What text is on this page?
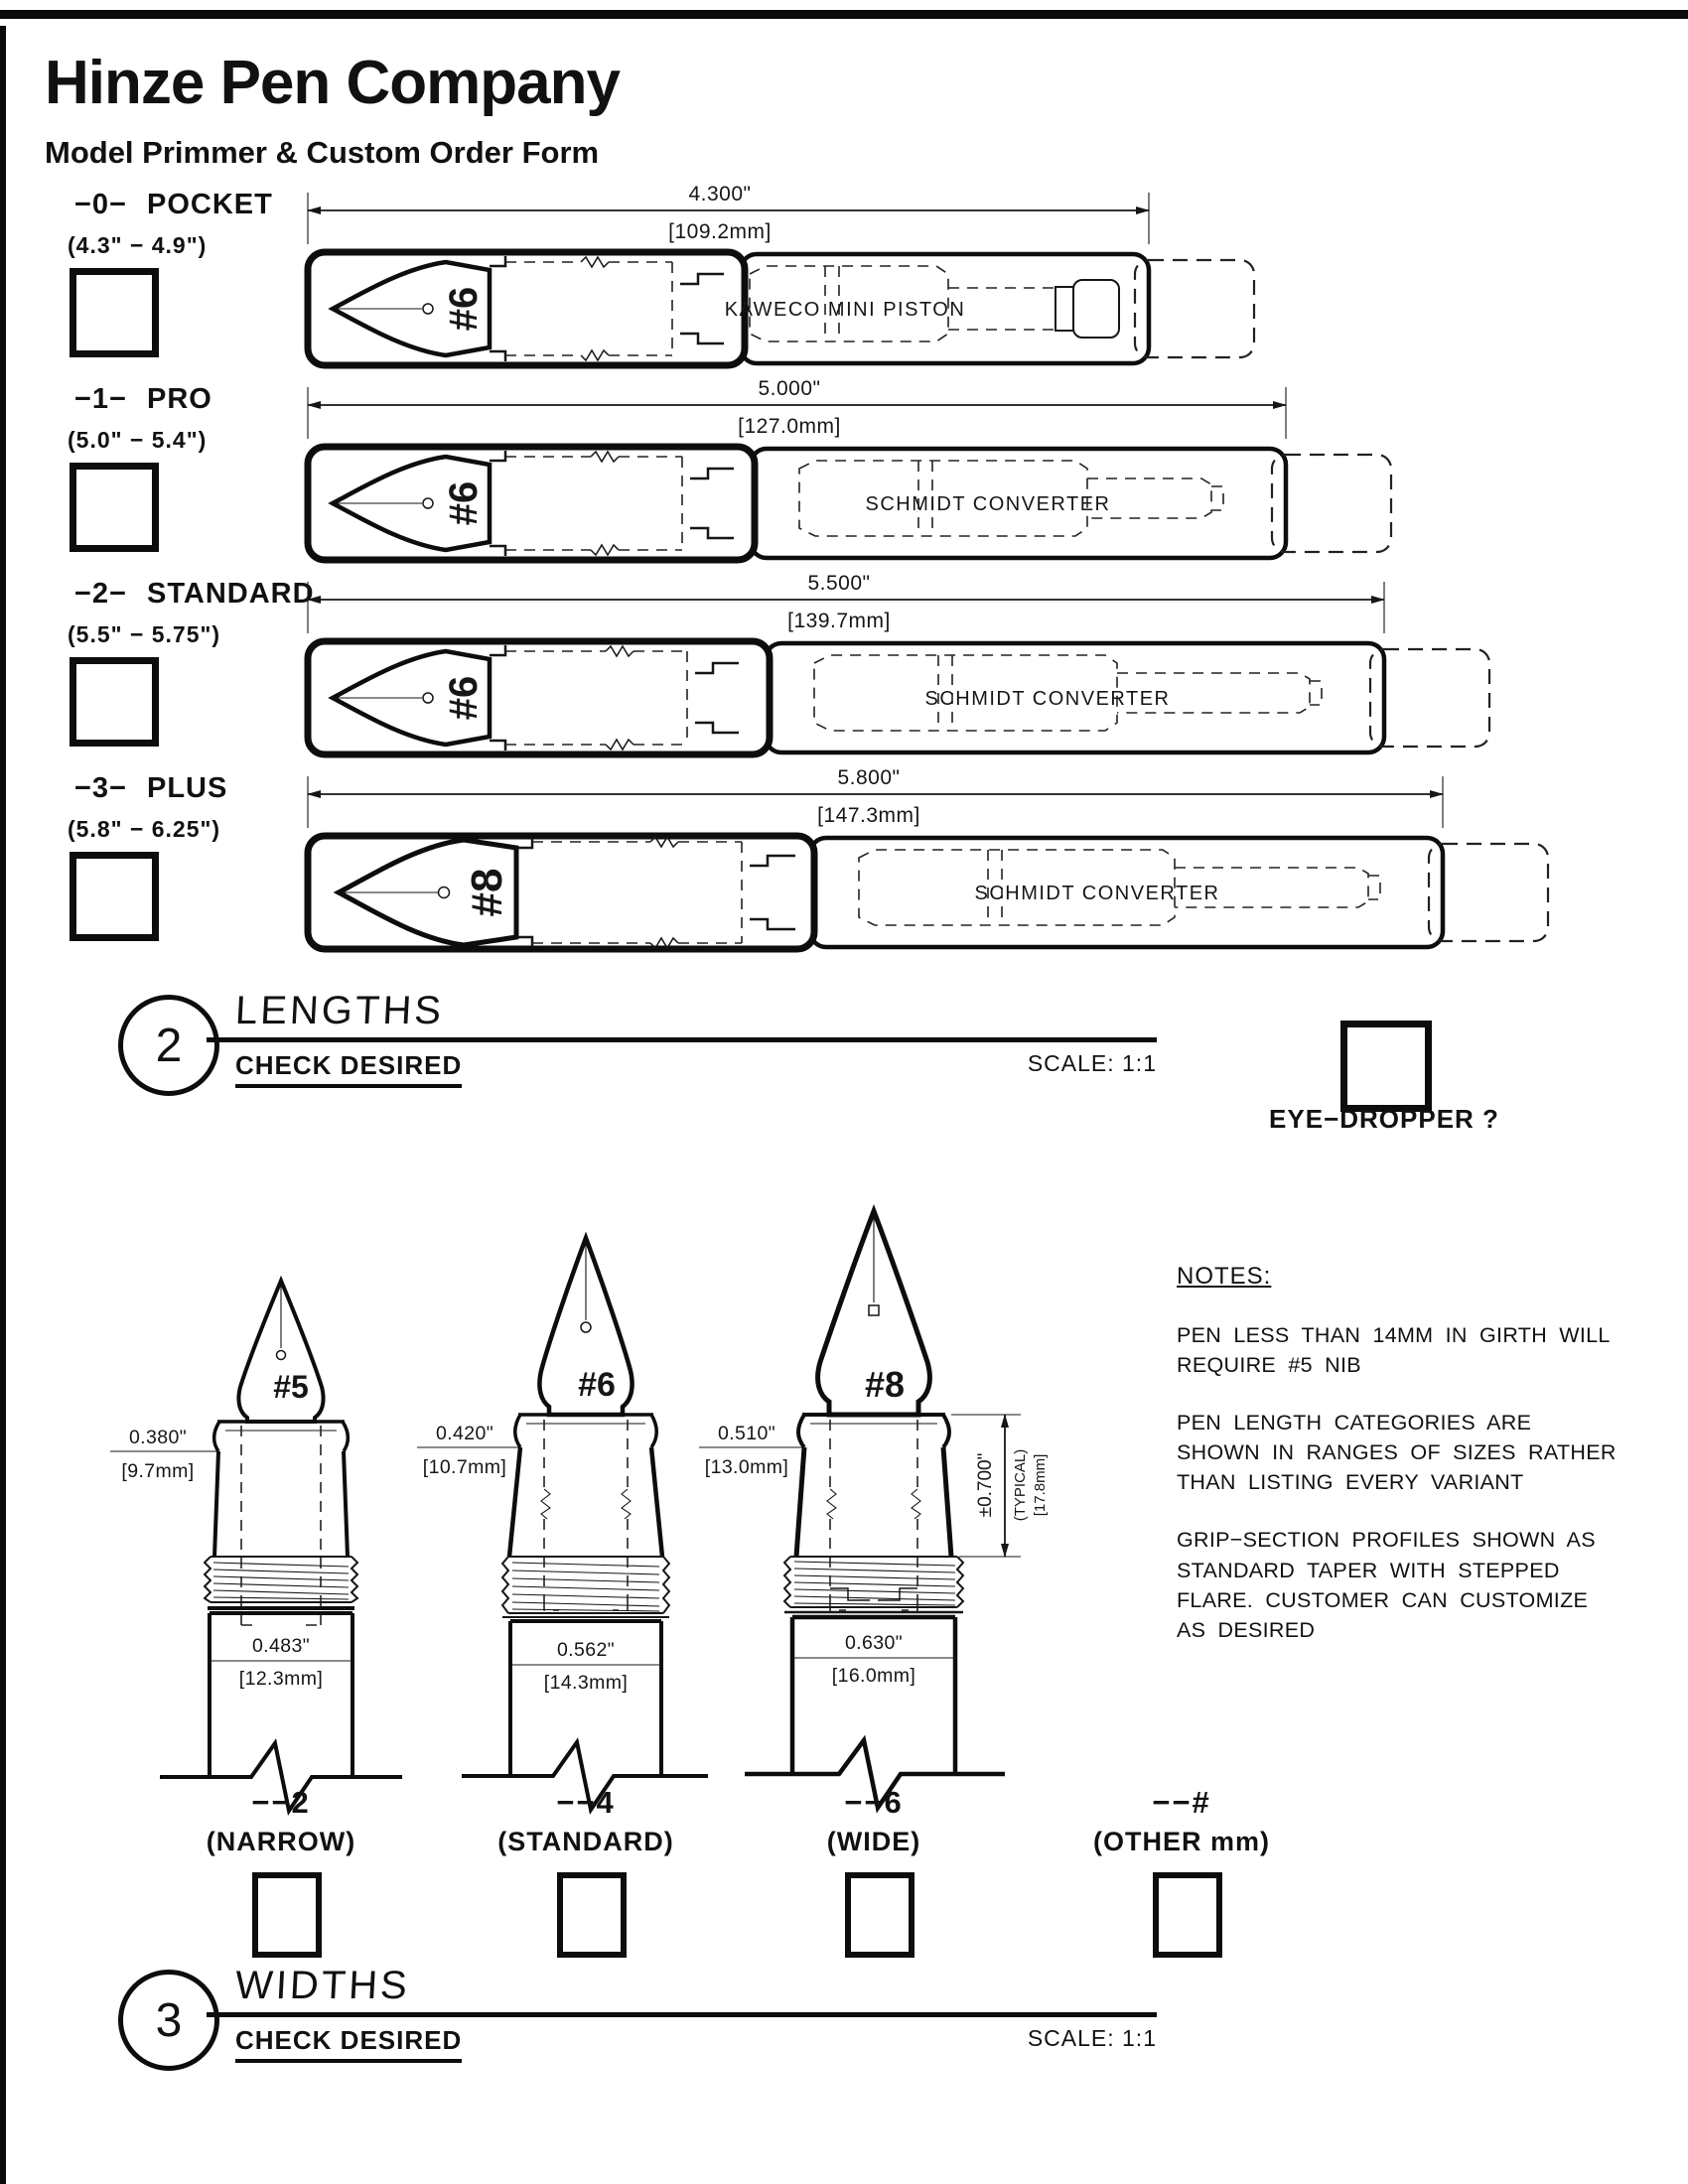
Hinze Pen Company
Model Primmer & Custom Order Form
−0− POCKET
(4.3" − 4.9")
−1− PRO
(5.0" − 5.4")
−2− STANDARD
(5.5" − 5.75")
−3− PLUS
(5.8" − 6.25")
4.300"
[109.2mm]
#6	KAWECO MINI PISTON
5.000"
[127.0mm]
#6	SCHMIDT CONVERTER
5.500"
[139.7mm]
#6	SCHMIDT CONVERTER
5.800"
[147.3mm]
#8	SCHMIDT CONVERTER
2
LENGTHS
CHECK DESIRED	SCALE: 1:1
EYE−DROPPER ?
#5
0.483"
[12.3mm]
0.380"
[9.7mm]
#6
0.562"
[14.3mm]
0.420"
[10.7mm]
#8
0.630"
[16.0mm]
0.510"
[13.0mm]	±0.700" (TYPICAL) [17.8mm]
NOTES:

PEN LESS THAN 14MM IN GIRTH WILL REQUIRE #5 NIB

PEN LENGTH CATEGORIES ARE SHOWN IN RANGES OF SIZES RATHER THAN LISTING EVERY VARIANT

GRIP−SECTION PROFILES SHOWN AS STANDARD TAPER WITH STEPPED FLARE. CUSTOMER CAN CUSTOMIZE AS DESIRED

−−2
(NARROW)
−−4
(STANDARD)
−−6
(WIDE)
−−#
(OTHER mm)
3
WIDTHS
CHECK DESIRED	SCALE: 1:1
